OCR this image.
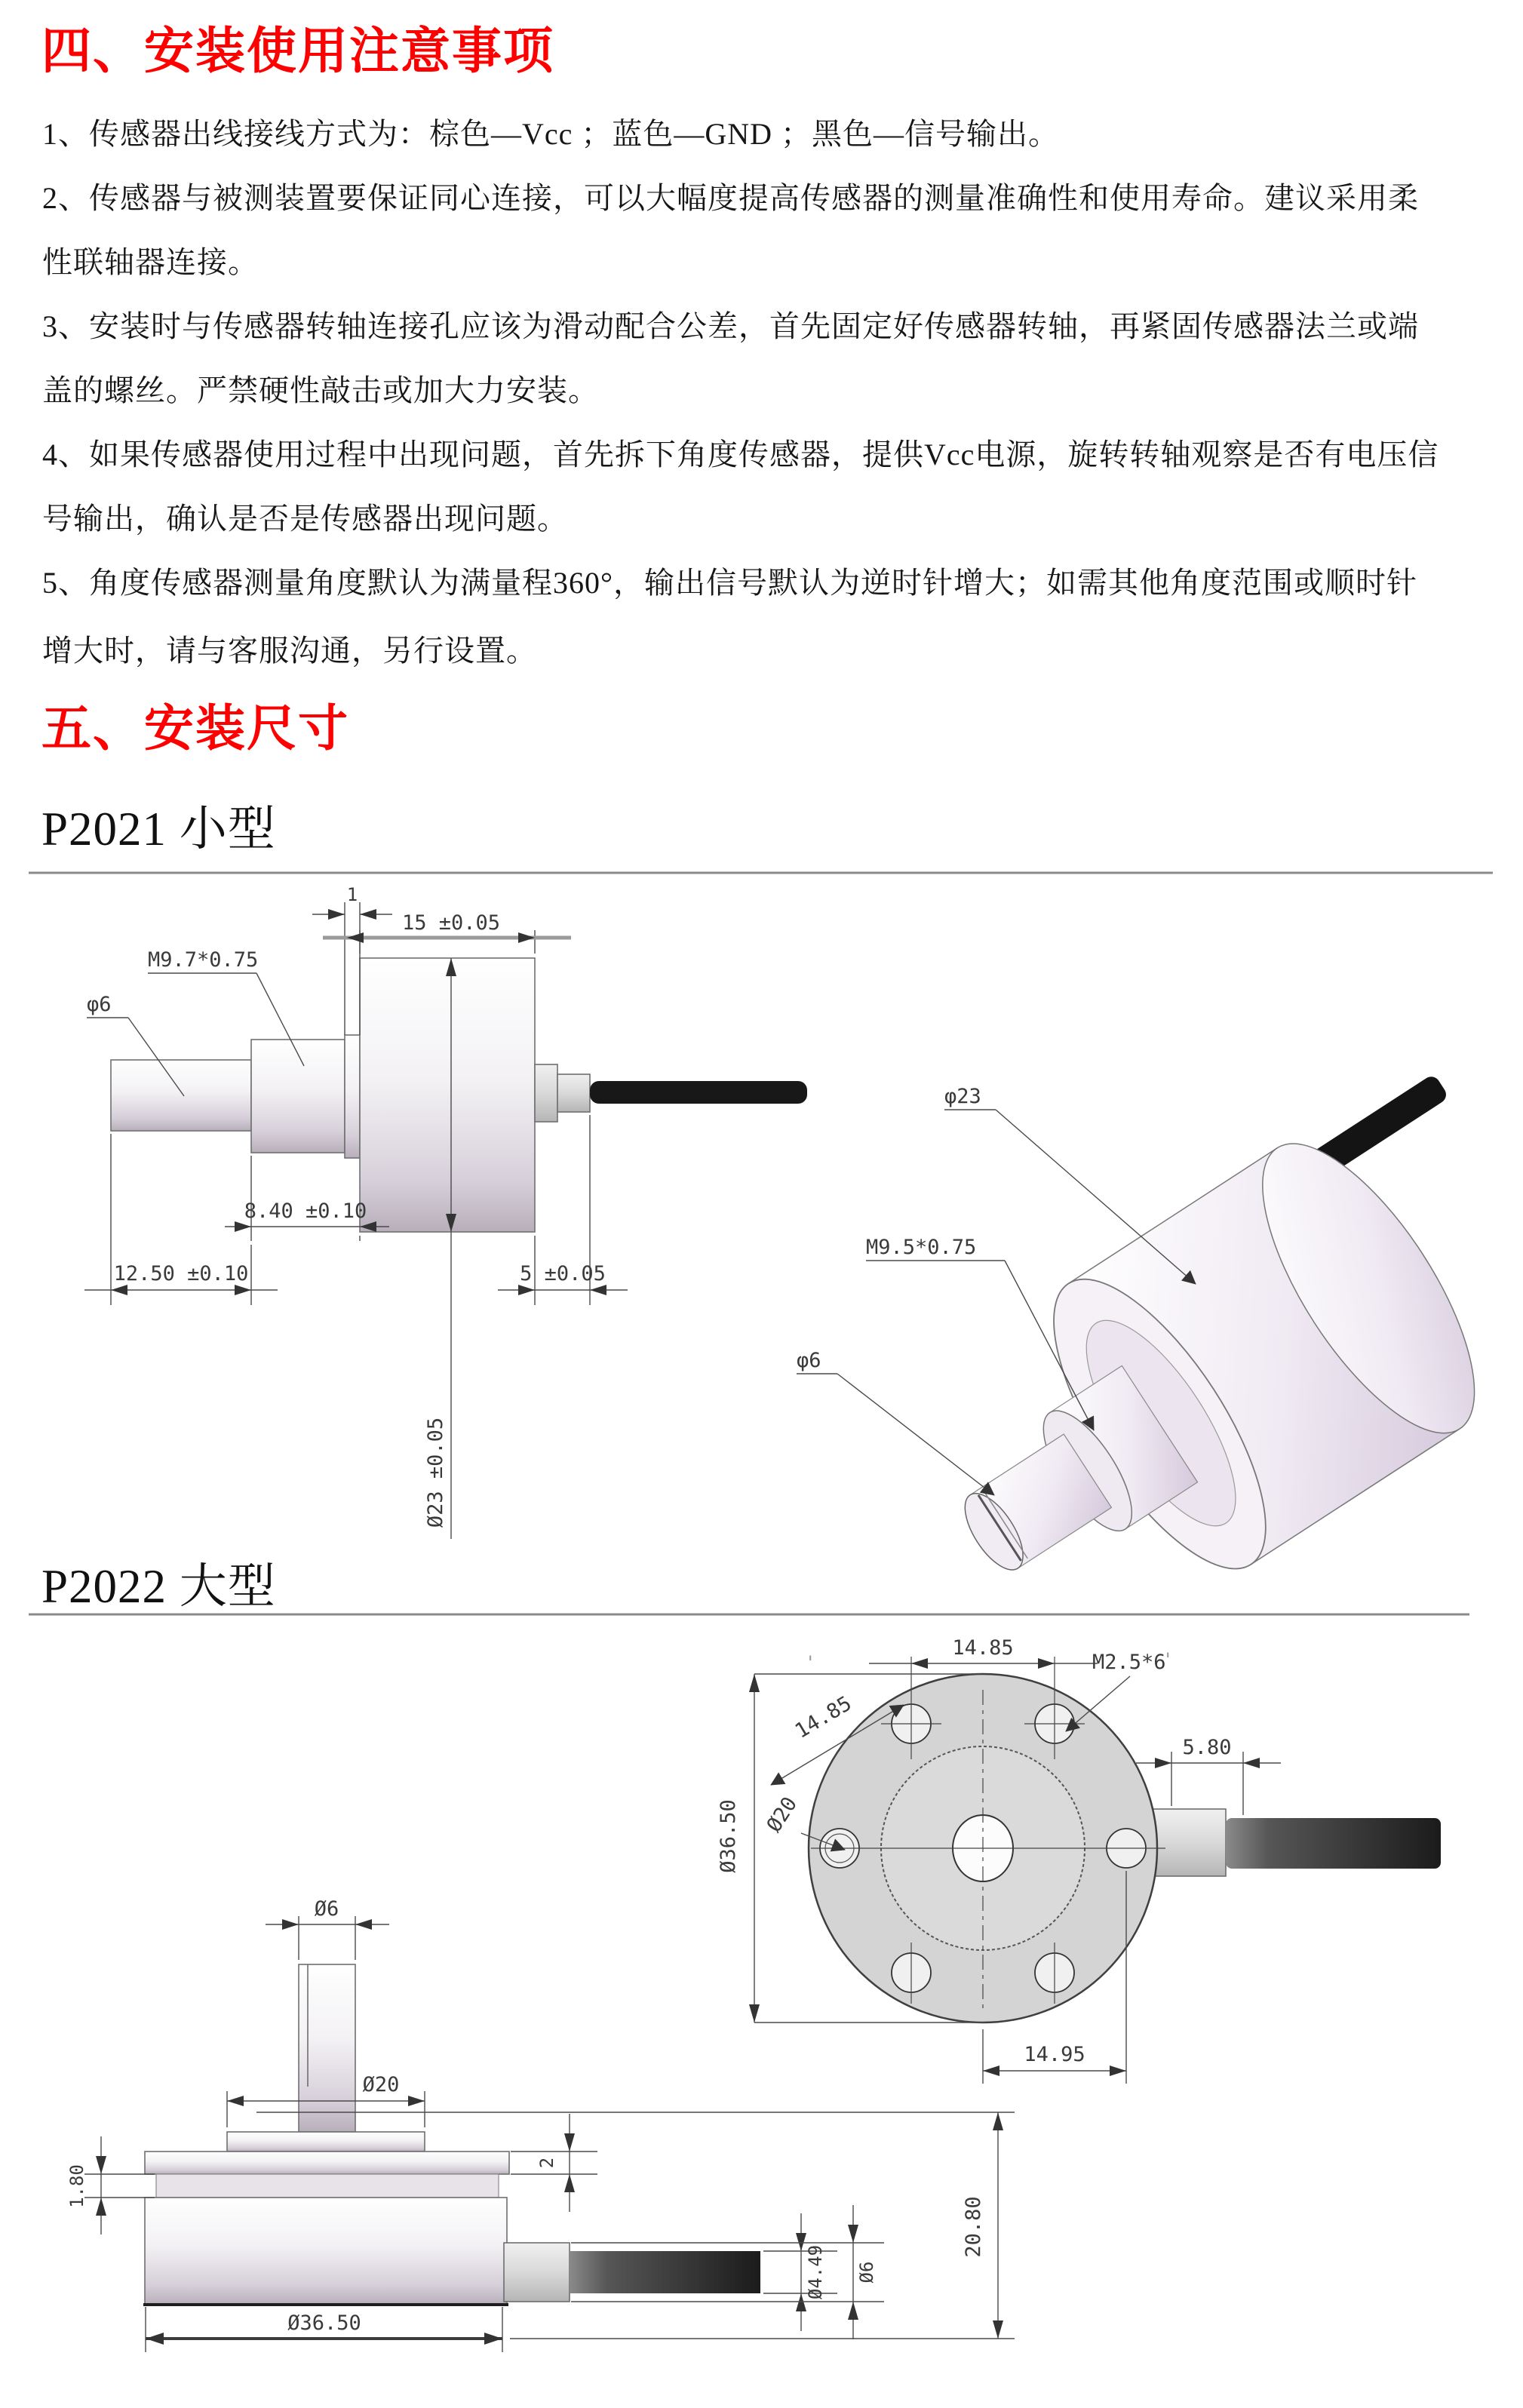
四、安装使用注意事项
1、传感器出线接线方式为：棕色—Vcc ；蓝色—GND ；黑色—信号输出。
2、传感器与被测装置要保证同心连接，可以大幅度提高传感器的测量准确性和使用寿命。建议采用柔
性联轴器连接。
3、安装时与传感器转轴连接孔应该为滑动配合公差，首先固定好传感器转轴，再紧固传感器法兰或端
盖的螺丝。严禁硬性敲击或加大力安装。
4、如果传感器使用过程中出现问题，首先拆下角度传感器，提供Vcc电源，旋转转轴观察是否有电压信
号输出，确认是否是传感器出现问题。
5、角度传感器测量角度默认为满量程360°，输出信号默认为逆时针增大；如需其他角度范围或顺时针
增大时，请与客服沟通，另行设置。
五、安装尺寸
P2021 小型
P2022 大型
1
15 ±0.05
M9.7*0.75
φ6
8.40 ±0.10
12.50 ±0.10	5 ±0.05
Ø23 ±0.05
φ23
M9.5*0.75
φ6
'	'
14.85
M2.5*6
14.85
Ø36.50 Ø20
5.80
14.95
Ø6
Ø20
1.80
2
Ø36.50
Ø4.49 Ø6
20.80
